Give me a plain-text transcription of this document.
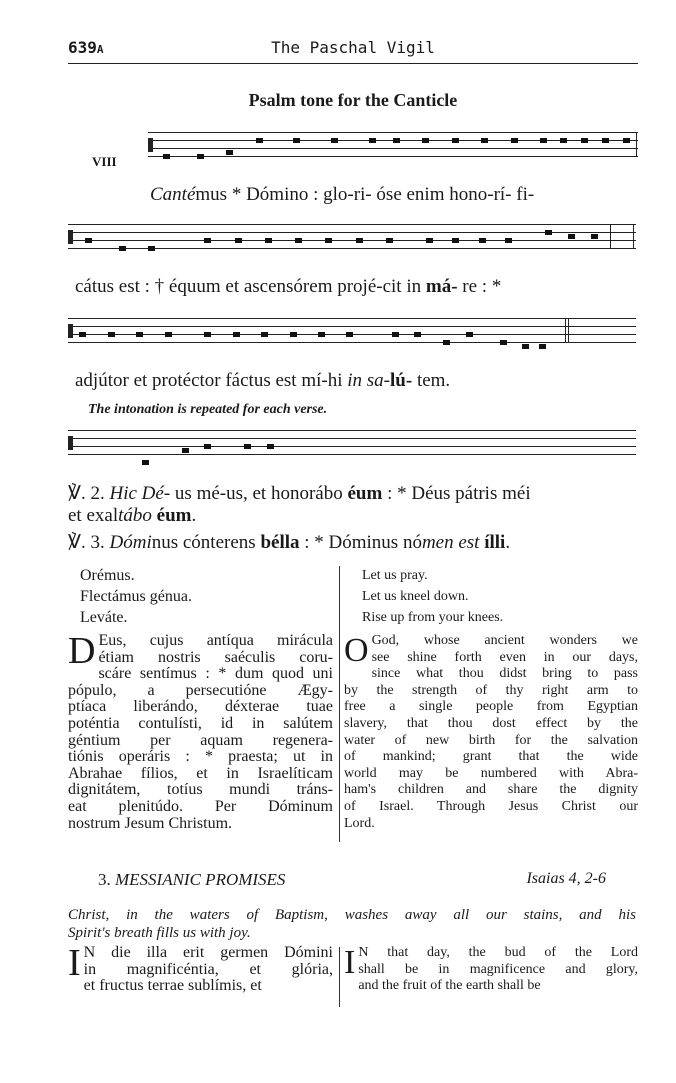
639A	The Paschal Vigil
Psalm tone for the Canticle
VIII
Cantémus * Dómino : glo-ri- óse enim hono-rí- fi-
cátus est : † équum et ascensórem projé-cit in má- re : *
adjútor et protéctor fáctus est mí-hi in sa-lú- tem.
The intonation is repeated for each verse.
℣. 2. Hic Dé- us mé-us, et honorábo éum : * Déus pátris méi
et exaltábo éum.
℣. 3. Dóminus cónterens bélla : * Dóminus nómen est ílli.
Orémus.
Flectámus génua.
Leváte.
Let us pray.
Let us kneel down.
Rise up from your knees.
D Eus, cujus antíqua mirácula
étiam nostris saéculis coru-
scáre sentímus : * dum quod uni
pópulo, a persecutióne Ægy-
ptíaca liberándo, déxterae tuae
poténtia contulísti, id in salútem
géntium per aquam regenera-
tiónis operáris : * praesta; ut in
Abrahae fílios, et in Israelíticam
dignitátem, totíus mundi tráns-
eat plenitúdo. Per Dóminum
nostrum Jesum Christum.
O God, whose ancient wonders we
see shine forth even in our days,
since what thou didst bring to pass
by the strength of thy right arm to
free a single people from Egyptian
slavery, that thou dost effect by the
water of new birth for the salvation
of mankind; grant that the wide
world may be numbered with Abra-
ham's children and share the dignity
of Israel. Through Jesus Christ our
Lord.
3. MESSIANIC PROMISES	Isaias 4, 2-6
Christ, in the waters of Baptism, washes away all our stains, and his
Spirit's breath fills us with joy.
I N die illa erit germen Dómini
in magnificéntia, et glória,
et fructus terrae sublímis, et
I N that day, the bud of the Lord
shall be in magnificence and glory,
and the fruit of the earth shall be
